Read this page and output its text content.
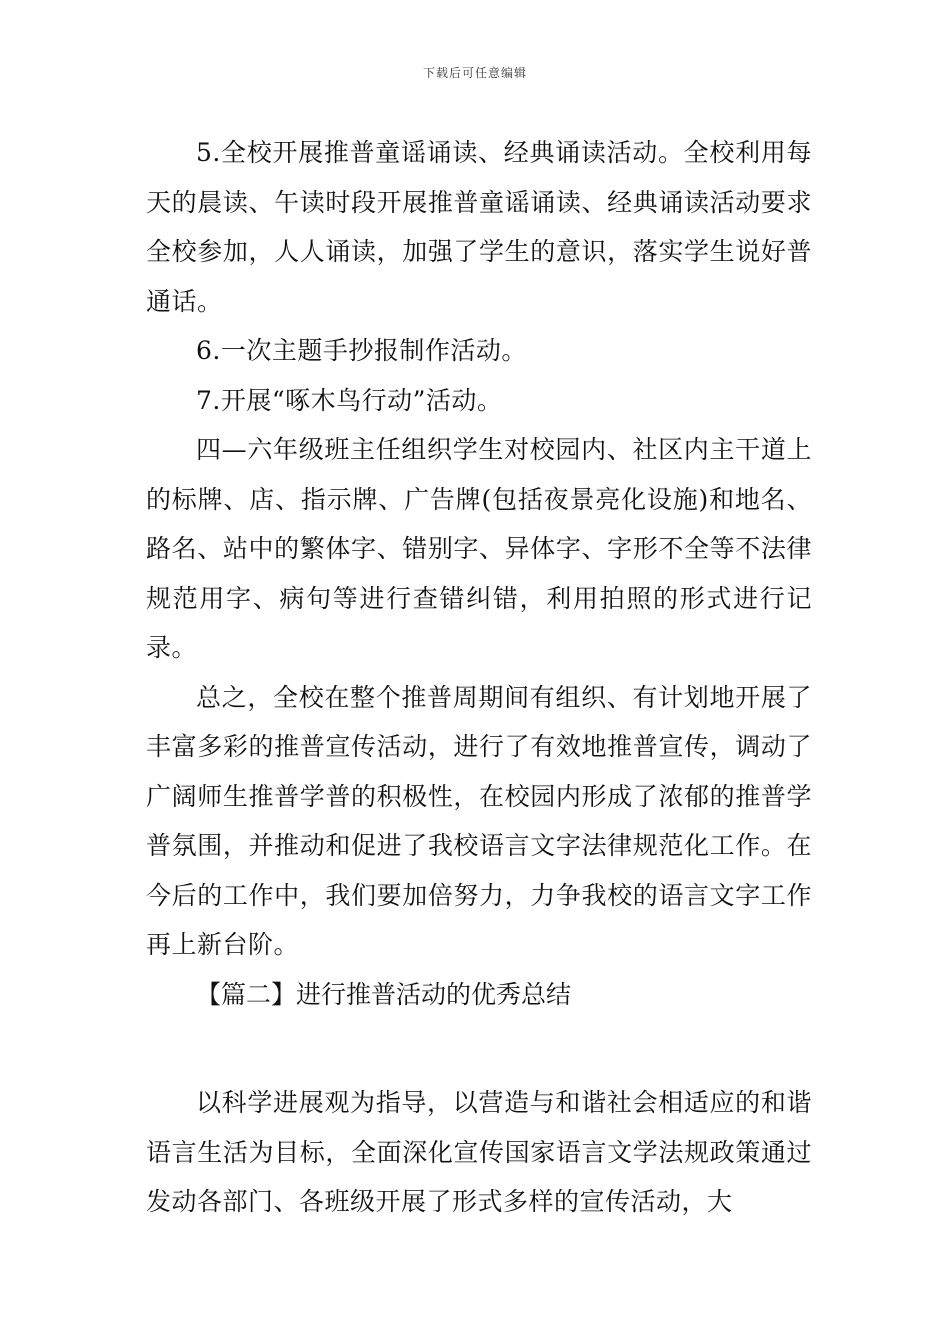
下载后可任意编辑

5.全校开展推普童谣诵读、经典诵读活动。全校利用每天的晨读、午读时段开展推普童谣诵读、经典诵读活动要求全校参加，人人诵读，加强了学生的意识，落实学生说好普通话。

6.一次主题手抄报制作活动。

7.开展“啄木鸟行动”活动。

四—六年级班主任组织学生对校园内、社区内主干道上的标牌、店、指示牌、广告牌(包括夜景亮化设施)和地名、路名、站中的繁体字、错别字、异体字、字形不全等不法律规范用字、病句等进行查错纠错，利用拍照的形式进行记录。

总之，全校在整个推普周期间有组织、有计划地开展了丰富多彩的推普宣传活动，进行了有效地推普宣传，调动了广阔师生推普学普的积极性，在校园内形成了浓郁的推普学普氛围，并推动和促进了我校语言文字法律规范化工作。在今后的工作中，我们要加倍努力，力争我校的语言文字工作再上新台阶。

【篇二】进行推普活动的优秀总结

以科学进展观为指导，以营造与和谐社会相适应的和谐语言生活为目标，全面深化宣传国家语言文学法规政策通过发动各部门、各班级开展了形式多样的宣传活动，大
